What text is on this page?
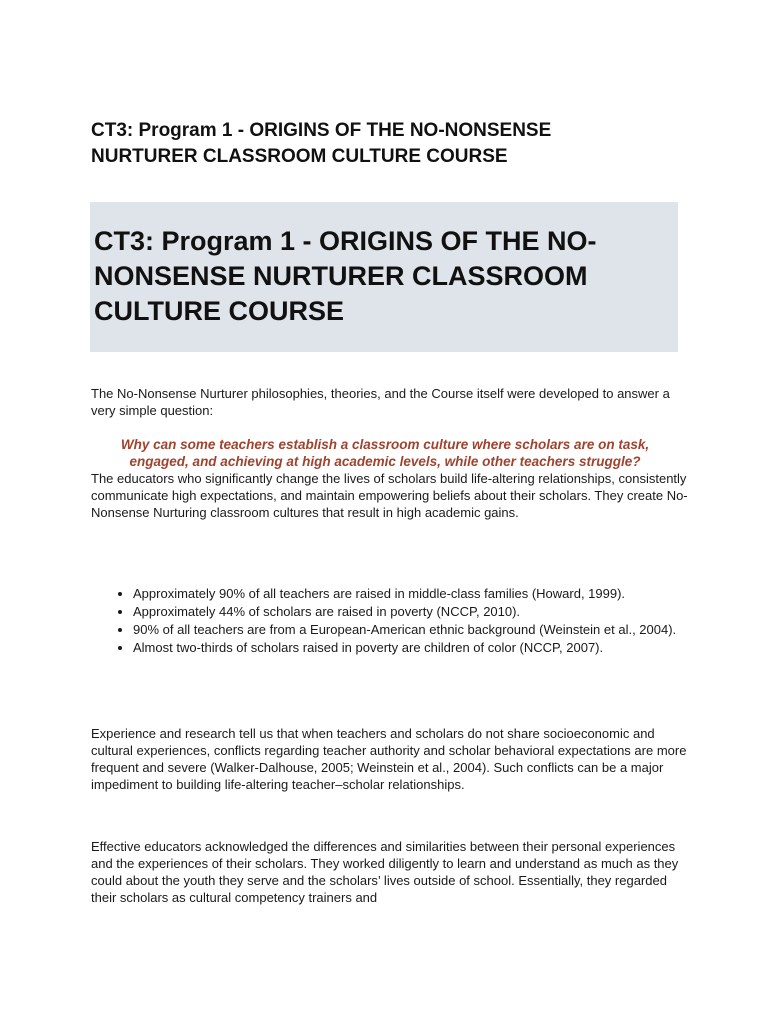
CT3: Program 1 - ORIGINS OF THE NO-NONSENSE NURTURER CLASSROOM CULTURE COURSE
CT3: Program 1 - ORIGINS OF THE NO-NONSENSE NURTURER CLASSROOM CULTURE COURSE

The No-Nonsense Nurturer philosophies, theories, and the Course itself were developed to answer a very simple question:

Why can some teachers establish a classroom culture where scholars are on task, engaged, and achieving at high academic levels, while other teachers struggle?

The educators who significantly change the lives of scholars build life-altering relationships, consistently communicate high expectations, and maintain empowering beliefs about their scholars. They create No-Nonsense Nurturing classroom cultures that result in high academic gains.

• Approximately 90% of all teachers are raised in middle-class families (Howard, 1999).
• Approximately 44% of scholars are raised in poverty (NCCP, 2010).
• 90% of all teachers are from a European-American ethnic background (Weinstein et al., 2004).
• Almost two-thirds of scholars raised in poverty are children of color (NCCP, 2007).

Experience and research tell us that when teachers and scholars do not share socioeconomic and cultural experiences, conflicts regarding teacher authority and scholar behavioral expectations are more frequent and severe (Walker-Dalhouse, 2005; Weinstein et al., 2004). Such conflicts can be a major impediment to building life-altering teacher–scholar relationships.

Effective educators acknowledged the differences and similarities between their personal experiences and the experiences of their scholars. They worked diligently to learn and understand as much as they could about the youth they serve and the scholars’ lives outside of school. Essentially, they regarded their scholars as cultural competency trainers and
